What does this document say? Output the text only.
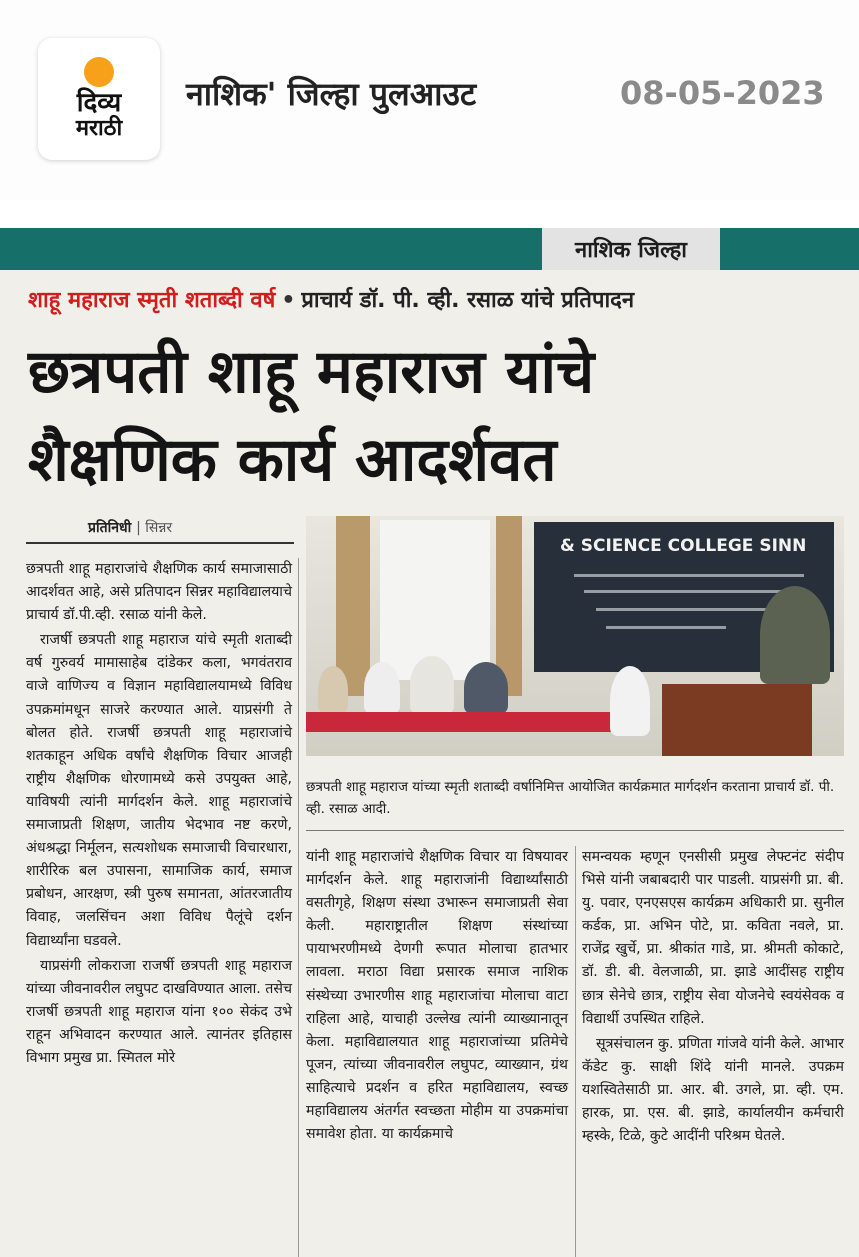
दिव्य
मराठी
नाशिक' जिल्हा पुलआउट	08-05-2023
नाशिक जिल्हा
शाहू महाराज स्मृती शताब्दी वर्ष • प्राचार्य डॉ. पी. व्ही. रसाळ यांचे प्रतिपादन
छत्रपती शाहू महाराज यांचे
शैक्षणिक कार्य आदर्शवत
प्रतिनिधी | सिन्नर
& SCIENCE COLLEGE SINN
छत्रपती शाहू महाराज यांच्या स्मृती शताब्दी वर्षानिमित्त आयोजित कार्यक्रमात मार्गदर्शन करताना प्राचार्य डॉ. पी. व्ही. रसाळ आदी.

छत्रपती शाहू महाराजांचे शैक्षणिक कार्य समाजासाठी आदर्शवत आहे, असे प्रतिपादन सिन्नर महाविद्यालयाचे प्राचार्य डॉ.पी.व्ही. रसाळ यांनी केले.

राजर्षी छत्रपती शाहू महाराज यांचे स्मृती शताब्दी वर्ष गुरुवर्य मामासाहेब दांडेकर कला, भगवंतराव वाजे वाणिज्य व विज्ञान महाविद्यालयामध्ये विविध उपक्रमांमधून साजरे करण्यात आले. याप्रसंगी ते बोलत होते. राजर्षी छत्रपती शाहू महाराजांचे शतकाहून अधिक वर्षांचे शैक्षणिक विचार आजही राष्ट्रीय शैक्षणिक धोरणामध्ये कसे उपयुक्त आहे, याविषयी त्यांनी मार्गदर्शन केले. शाहू महाराजांचे समाजाप्रती शिक्षण, जातीय भेदभाव नष्ट करणे, अंधश्रद्धा निर्मूलन, सत्यशोधक समाजाची विचारधारा, शारीरिक बल उपासना, सामाजिक कार्य, समाज प्रबोधन, आरक्षण, स्त्री पुरुष समानता, आंतरजातीय विवाह, जलसिंचन अशा विविध पैलूंचे दर्शन विद्यार्थ्यांना घडवले.

याप्रसंगी लोकराजा राजर्षी छत्रपती शाहू महाराज यांच्या जीवनावरील लघुपट दाखविण्यात आला. तसेच राजर्षी छत्रपती शाहू महाराज यांना १०० सेकंद उभे राहून अभिवादन करण्यात आले. त्यानंतर इतिहास विभाग प्रमुख प्रा. स्मितल मोरे

यांनी शाहू महाराजांचे शैक्षणिक विचार या विषयावर मार्गदर्शन केले. शाहू महाराजांनी विद्यार्थ्यांसाठी वसतीगृहे, शिक्षण संस्था उभारून समाजाप्रती सेवा केली. महाराष्ट्रातील शिक्षण संस्थांच्या पायाभरणीमध्ये देणगी रूपात मोलाचा हातभार लावला. मराठा विद्या प्रसारक समाज नाशिक संस्थेच्या उभारणीस शाहू महाराजांचा मोलाचा वाटा राहिला आहे, याचाही उल्लेख त्यांनी व्याख्यानातून केला. महाविद्यालयात शाहू महाराजांच्या प्रतिमेचे पूजन, त्यांच्या जीवनावरील लघुपट, व्याख्यान, ग्रंथ साहित्याचे प्रदर्शन व हरित महाविद्यालय, स्वच्छ महाविद्यालय अंतर्गत स्वच्छता मोहीम या उपक्रमांचा समावेश होता. या कार्यक्रमाचे

समन्वयक म्हणून एनसीसी प्रमुख लेफ्टनंट संदीप भिसे यांनी जबाबदारी पार पाडली. याप्रसंगी प्रा. बी. यु. पवार, एनएसएस कार्यक्रम अधिकारी प्रा. सुनील कर्डक, प्रा. अभिन पोटे, प्रा. कविता नवले, प्रा. राजेंद्र खुर्चे, प्रा. श्रीकांत गाडे, प्रा. श्रीमती कोकाटे, डॉ. डी. बी. वेलजाळी, प्रा. झाडे आदींसह राष्ट्रीय छात्र सेनेचे छात्र, राष्ट्रीय सेवा योजनेचे स्वयंसेवक व विद्यार्थी उपस्थित राहिले.

सूत्रसंचालन कु. प्रणिता गांजवे यांनी केले. आभार कॅडेट कु. साक्षी शिंदे यांनी मानले. उपक्रम यशस्वितेसाठी प्रा. आर. बी. उगले, प्रा. व्ही. एम. हारक, प्रा. एस. बी. झाडे, कार्यालयीन कर्मचारी म्हस्के, टिळे, कुटे आदींनी परिश्रम घेतले.
